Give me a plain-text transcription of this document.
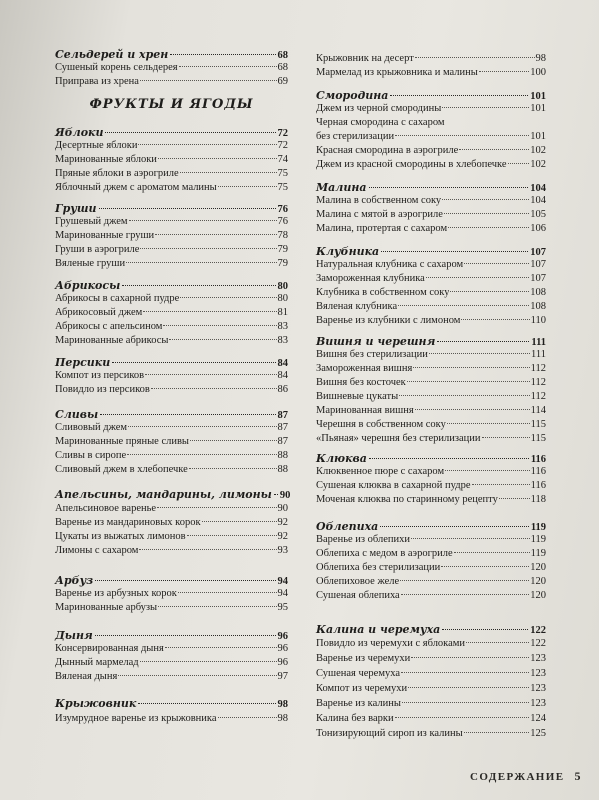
ФРУКТЫ И ЯГОДЫ
Сельдерей и хрен	68
Сушеный корень сельдерея	68
Приправа из хрена	69
Яблоки	72
Десертные яблоки	72
Маринованные яблоки	74
Пряные яблоки в аэрогриле	75
Яблочный джем с ароматом малины	75
Груши	76
Грушевый джем	76
Маринованные груши	78
Груши в аэрогриле	79
Вяленые груши	79
Абрикосы	80
Абрикосы в сахарной пудре	80
Абрикосовый джем	81
Абрикосы с апельсином	83
Маринованные абрикосы	83
Персики	84
Компот из персиков	84
Повидло из персиков	86
Сливы	87
Сливовый джем	87
Маринованные пряные сливы	87
Сливы в сиропе	88
Сливовый джем в хлебопечке	88
Апельсины, мандарины, лимоны 90
Апельсиновое варенье	90
Варенье из мандариновых корок	92
Цукаты из выжатых лимонов	92
Лимоны с сахаром	93
Арбуз	94
Варенье из арбузных корок	94
Маринованные арбузы	95
Дыня	96
Консервированная дыня	96
Дынный мармелад	96
Вяленая дыня	97
Крыжовник	98
Изумрудное варенье из крыжовника	98
Крыжовник на десерт	98
Мармелад из крыжовника и малины	100
Смородина	101
Джем из черной смородины	101
Черная смородина с сахаром
без стерилизации	101
Красная смородина в аэрогриле	102
Джем из красной смородины в хлебопечке 102
Малина	104
Малина в собственном соку	104
Малина с мятой в аэрогриле	105
Малина, протертая с сахаром	106
Клубника	107
Натуральная клубника с сахаром	107
Замороженная клубника	107
Клубника в собственном соку	108
Вяленая клубника	108
Варенье из клубники с лимоном	110
Вишня и черешня	111
Вишня без стерилизации	111
Замороженная вишня	112
Вишня без косточек	112
Вишневые цукаты	112
Маринованная вишня	114
Черешня в собственном соку	115
«Пьяная» черешня без стерилизации	115
Клюква	116
Клюквенное пюре с сахаром	116
Сушеная клюква в сахарной пудре	116
Моченая клюква по старинному рецепту	118
Облепиха	119
Варенье из облепихи	119
Облепиха с медом в аэрогриле	119
Облепиха без стерилизации	120
Облепиховое желе	120
Сушеная облепиха	120
Калина и черемуха	122
Повидло из черемухи с яблоками	122
Варенье из черемухи	123
Сушеная черемуха	123
Компот из черемухи	123
Варенье из калины	123
Калина без варки	124
Тонизирующий сироп из калины	125
СОДЕРЖАНИЕ 5
